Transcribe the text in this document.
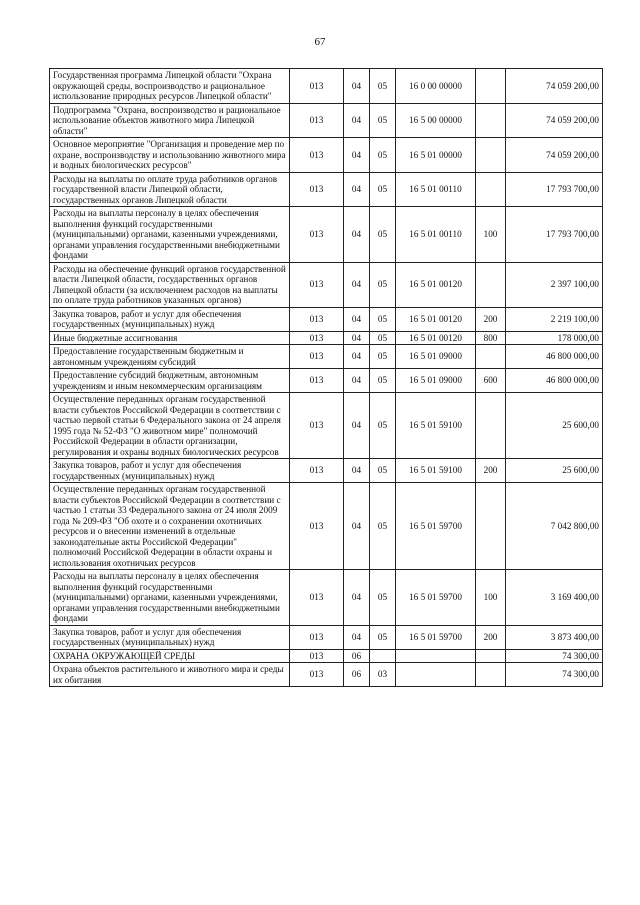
67
Государственная программа Липецкой области "Охрана окружающей среды, воспроизводство и рациональное использование природных ресурсов Липецкой области"	013	04	05	16 0 00 00000		74 059 200,00
Подпрограмма "Охрана, воспроизводство и рациональное использование объектов животного мира Липецкой области"	013	04	05	16 5 00 00000		74 059 200,00
Основное мероприятие "Организация и проведение мер по охране, воспроизводству и использованию животного мира и водных биологических ресурсов"	013	04	05	16 5 01 00000		74 059 200,00
Расходы на выплаты по оплате труда работников органов государственной власти Липецкой области, государственных органов Липецкой области	013	04	05	16 5 01 00110		17 793 700,00
Расходы на выплаты персоналу в целях обеспечения выполнения функций государственными (муниципальными) органами, казенными учреждениями, органами управления государственными внебюджетными фондами	013	04	05	16 5 01 00110	100	17 793 700,00
Расходы на обеспечение функций органов государственной власти Липецкой области, государственных органов Липецкой области (за исключением расходов на выплаты по оплате труда работников указанных органов)	013	04	05	16 5 01 00120		2 397 100,00
Закупка товаров, работ и услуг для обеспечения государственных (муниципальных) нужд	013	04	05	16 5 01 00120	200	2 219 100,00
Иные бюджетные ассигнования	013	04	05	16 5 01 00120	800	178 000,00
Предоставление государственным бюджетным и автономным учреждениям субсидий	013	04	05	16 5 01 09000		46 800 000,00
Предоставление субсидий бюджетным, автономным учреждениям и иным некоммерческим организациям	013	04	05	16 5 01 09000	600	46 800 000,00
Осуществление переданных органам государственной власти субъектов Российской Федерации в соответствии с частью первой статьи 6 Федерального закона от 24 апреля 1995 года № 52-ФЗ "О животном мире" полномочий Российской Федерации в области организации, регулирования и охраны водных биологических ресурсов	013	04	05	16 5 01 59100		25 600,00
Закупка товаров, работ и услуг для обеспечения государственных (муниципальных) нужд	013	04	05	16 5 01 59100	200	25 600,00
Осуществление переданных органам государственной власти субъектов Российской Федерации в соответствии с частью 1 статьи 33 Федерального закона от 24 июля 2009 года № 209-ФЗ "Об охоте и о сохранении охотничьих ресурсов и о внесении изменений в отдельные законодательные акты Российской Федерации" полномочий Российской Федерации в области охраны и использования охотничьих ресурсов	013	04	05	16 5 01 59700		7 042 800,00
Расходы на выплаты персоналу в целях обеспечения выполнения функций государственными (муниципальными) органами, казенными учреждениями, органами управления государственными внебюджетными фондами	013	04	05	16 5 01 59700	100	3 169 400,00
Закупка товаров, работ и услуг для обеспечения государственных (муниципальных) нужд	013	04	05	16 5 01 59700	200	3 873 400,00
ОХРАНА ОКРУЖАЮЩЕЙ СРЕДЫ	013	06				74 300,00
Охрана объектов растительного и животного мира и среды их обитания	013	06	03			74 300,00
